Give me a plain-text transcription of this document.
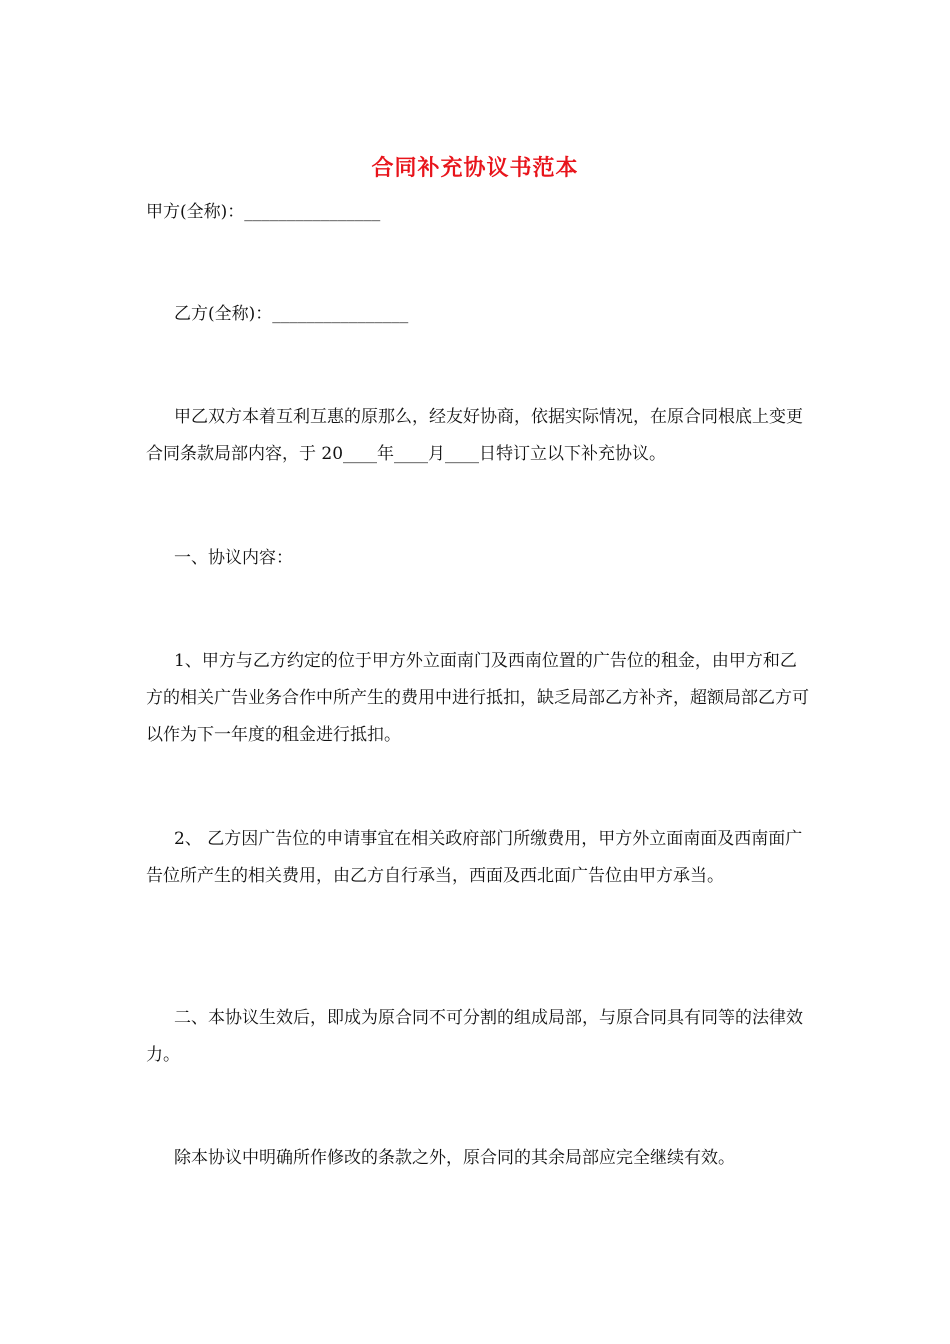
合同补充协议书范本
甲方(全称)：________________
乙方(全称)：________________
甲乙双方本着互利互惠的原那么，经友好协商，依据实际情况，在原合同根底上变更合同条款局部内容，于 20____年____月____日特订立以下补充协议。
一、协议内容：
1、甲方与乙方约定的位于甲方外立面南门及西南位置的广告位的租金，由甲方和乙方的相关广告业务合作中所产生的费用中进行抵扣，缺乏局部乙方补齐，超额局部乙方可以作为下一年度的租金进行抵扣。
2、 乙方因广告位的申请事宜在相关政府部门所缴费用，甲方外立面南面及西南面广告位所产生的相关费用，由乙方自行承当，西面及西北面广告位由甲方承当。
二、本协议生效后，即成为原合同不可分割的组成局部，与原合同具有同等的法律效力。
除本协议中明确所作修改的条款之外，原合同的其余局部应完全继续有效。
